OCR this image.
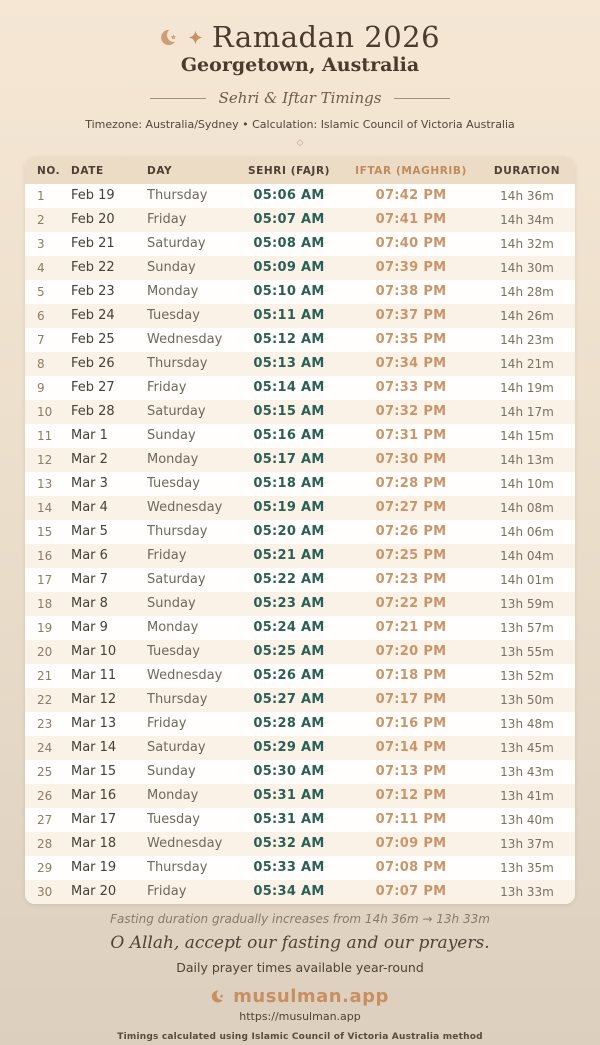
Ramadan 2026
Georgetown, Australia
Sehri & Iftar Timings

Timezone: Australia/Sydney • Calculation: Islamic Council of Victoria Australia

◇
NO.	DATE	DAY	SEHRI (FAJR)	IFTAR (MAGHRIB)	DURATION
1	Feb 19	Thursday	05:06 AM	07:42 PM	14h 36m
2	Feb 20	Friday	05:07 AM	07:41 PM	14h 34m
3	Feb 21	Saturday	05:08 AM	07:40 PM	14h 32m
4	Feb 22	Sunday	05:09 AM	07:39 PM	14h 30m
5	Feb 23	Monday	05:10 AM	07:38 PM	14h 28m
6	Feb 24	Tuesday	05:11 AM	07:37 PM	14h 26m
7	Feb 25	Wednesday	05:12 AM	07:35 PM	14h 23m
8	Feb 26	Thursday	05:13 AM	07:34 PM	14h 21m
9	Feb 27	Friday	05:14 AM	07:33 PM	14h 19m
10	Feb 28	Saturday	05:15 AM	07:32 PM	14h 17m
11	Mar 1	Sunday	05:16 AM	07:31 PM	14h 15m
12	Mar 2	Monday	05:17 AM	07:30 PM	14h 13m
13	Mar 3	Tuesday	05:18 AM	07:28 PM	14h 10m
14	Mar 4	Wednesday	05:19 AM	07:27 PM	14h 08m
15	Mar 5	Thursday	05:20 AM	07:26 PM	14h 06m
16	Mar 6	Friday	05:21 AM	07:25 PM	14h 04m
17	Mar 7	Saturday	05:22 AM	07:23 PM	14h 01m
18	Mar 8	Sunday	05:23 AM	07:22 PM	13h 59m
19	Mar 9	Monday	05:24 AM	07:21 PM	13h 57m
20	Mar 10	Tuesday	05:25 AM	07:20 PM	13h 55m
21	Mar 11	Wednesday	05:26 AM	07:18 PM	13h 52m
22	Mar 12	Thursday	05:27 AM	07:17 PM	13h 50m
23	Mar 13	Friday	05:28 AM	07:16 PM	13h 48m
24	Mar 14	Saturday	05:29 AM	07:14 PM	13h 45m
25	Mar 15	Sunday	05:30 AM	07:13 PM	13h 43m
26	Mar 16	Monday	05:31 AM	07:12 PM	13h 41m
27	Mar 17	Tuesday	05:31 AM	07:11 PM	13h 40m
28	Mar 18	Wednesday	05:32 AM	07:09 PM	13h 37m
29	Mar 19	Thursday	05:33 AM	07:08 PM	13h 35m
30	Mar 20	Friday	05:34 AM	07:07 PM	13h 33m

Fasting duration gradually increases from 14h 36m → 13h 33m

O Allah, accept our fasting and our prayers.

Daily prayer times available year-round

musulman.app

https://musulman.app

Timings calculated using Islamic Council of Victoria Australia method
